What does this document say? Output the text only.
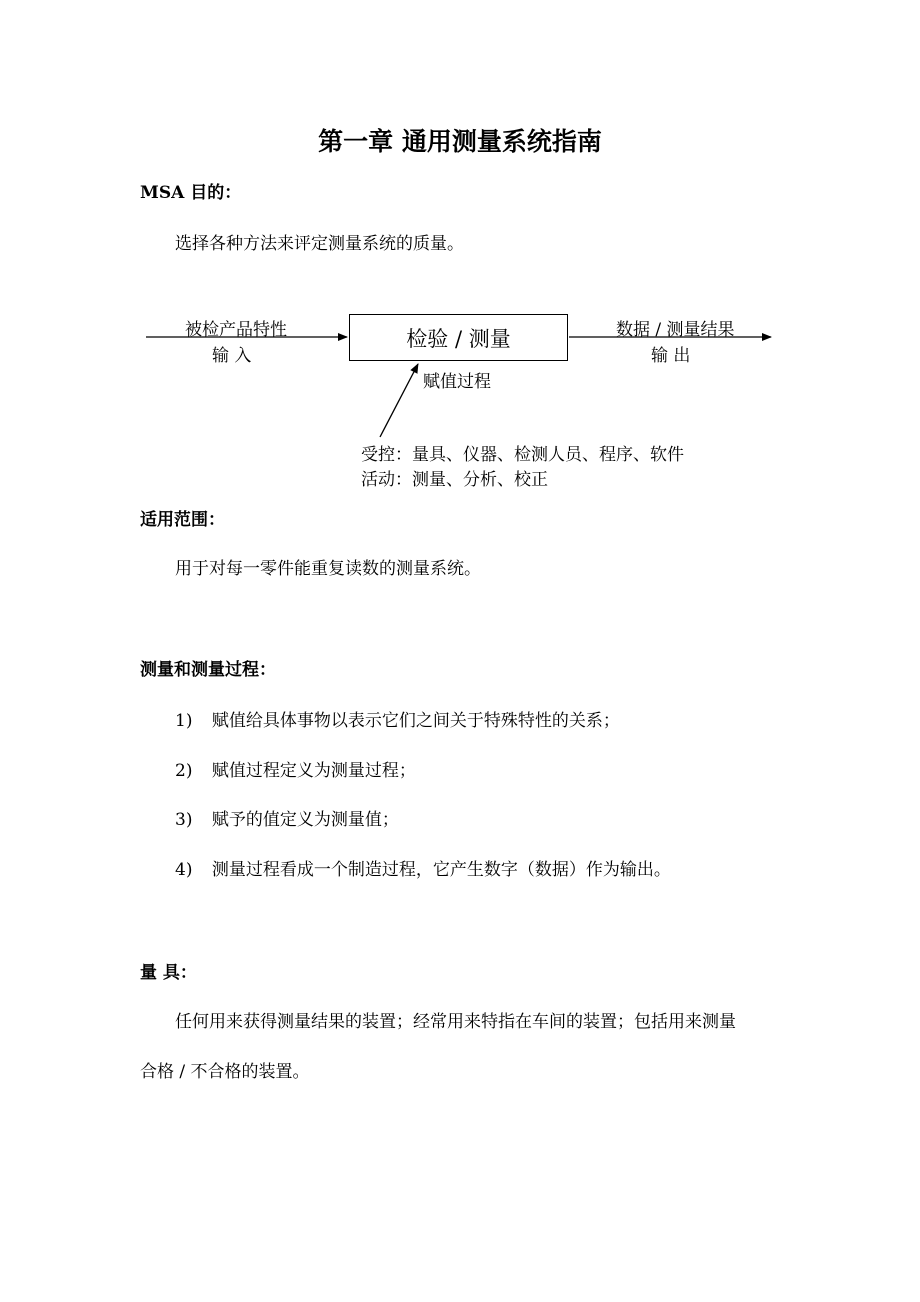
第一章 通用测量系统指南
MSA 目的：
选择各种方法来评定测量系统的质量。
被检产品特性
输 入
检验 / 测量	数据 / 测量结果
输 出
赋值过程
受控：量具、仪器、检测人员、程序、软件
活动：测量、分析、校正
适用范围：
用于对每一零件能重复读数的测量系统。
测量和测量过程：
1) 赋值给具体事物以表示它们之间关于特殊特性的关系；
2) 赋值过程定义为测量过程；
3) 赋予的值定义为测量值；
4) 测量过程看成一个制造过程，它产生数字（数据）作为输出。
量 具：
任何用来获得测量结果的装置；经常用来特指在车间的装置；包括用来测量
合格 / 不合格的装置。
